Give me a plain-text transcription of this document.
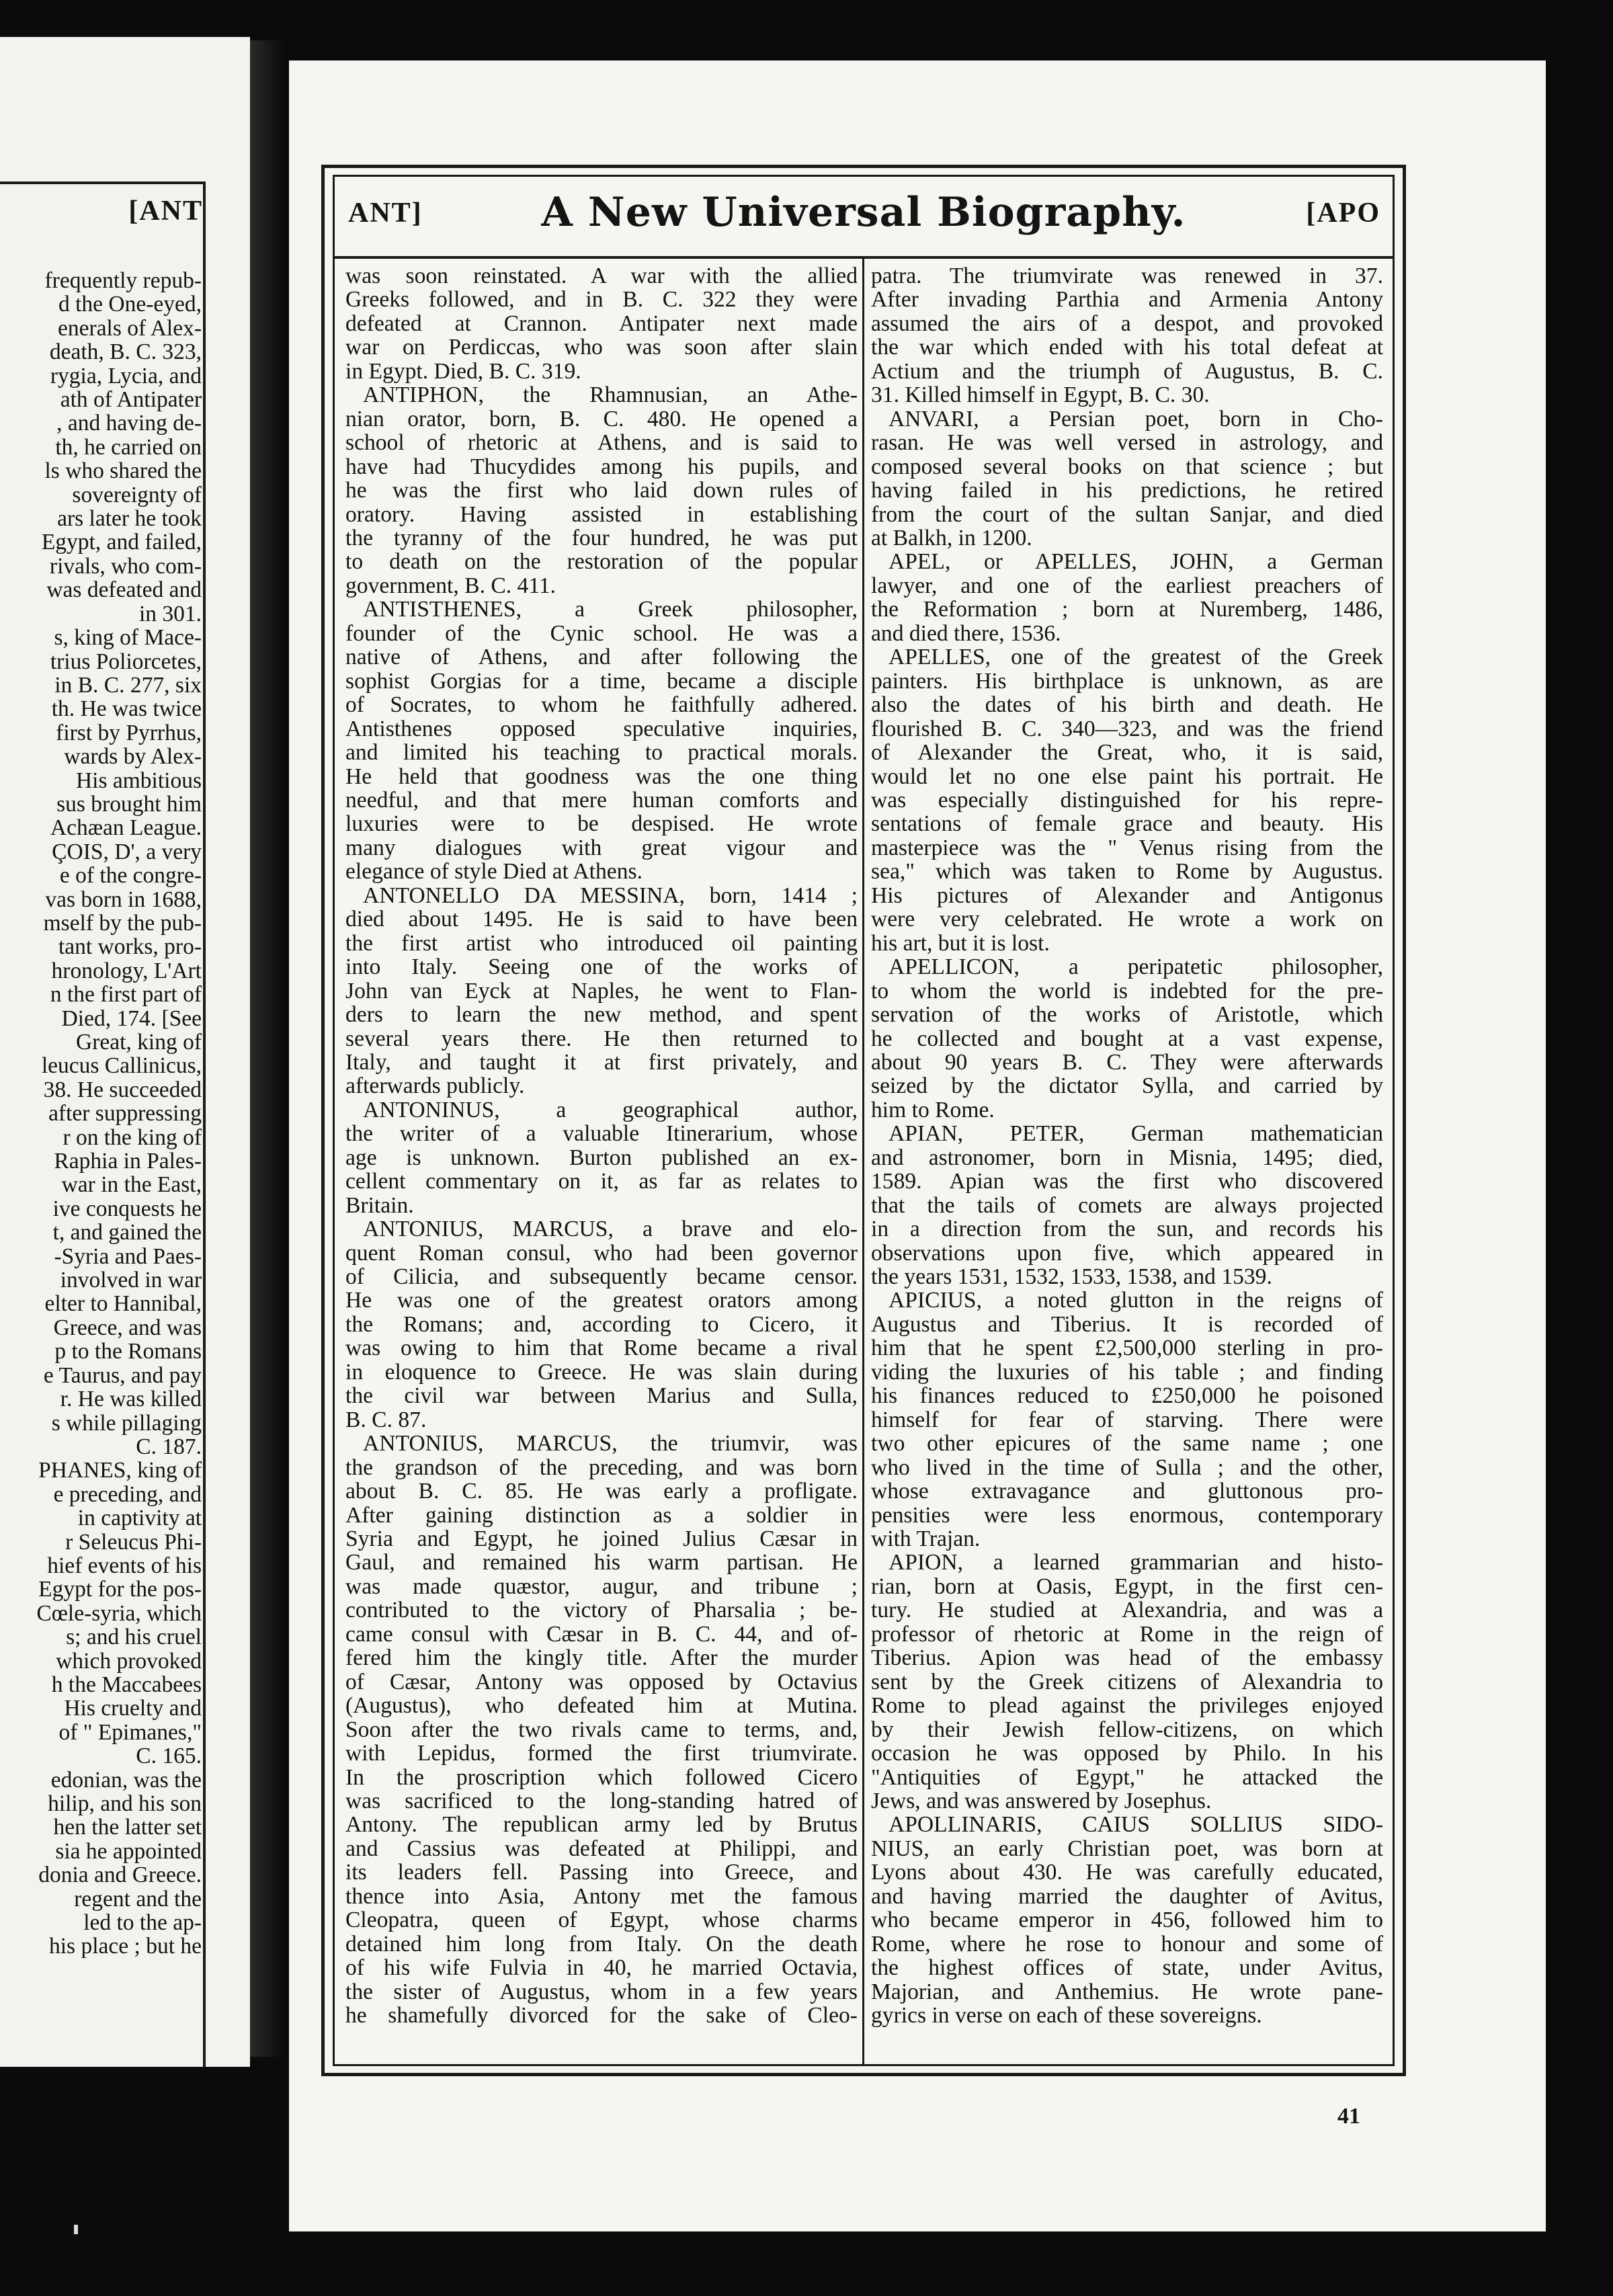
[ANT
frequently repub-
d the One-eyed,
enerals of Alex-
death, B. C. 323,
rygia, Lycia, and
ath of Antipater
, and having de-
th, he carried on
ls who shared the
sovereignty of
ars later he took
Egypt, and failed,
rivals, who com-
was defeated and
in 301.
s, king of Mace-
trius Poliorcetes,
in B. C. 277, six
th. He was twice
first by Pyrrhus,
wards by Alex-
His ambitious
sus brought him
Achæan League.
ÇOIS, D', a very
e of the congre-
vas born in 1688,
mself by the pub-
tant works, pro-
hronology, L'Art
n the first part of
Died, 174. [See
Great, king of
leucus Callinicus,
38. He succeeded
after suppressing
r on the king of
Raphia in Pales-
war in the East,
ive conquests he
t, and gained the
-Syria and Paes-
involved in war
elter to Hannibal,
Greece, and was
p to the Romans
e Taurus, and pay
r. He was killed
s while pillaging
C. 187.
PHANES, king of
e preceding, and
in captivity at
r Seleucus Phi-
hief events of his
Egypt for the pos-
Cœle-syria, which
s; and his cruel
which provoked
h the Maccabees
His cruelty and
of " Epimanes,"
C. 165.
edonian, was the
hilip, and his son
hen the latter set
sia he appointed
donia and Greece.
regent and the
led to the ap-
his place ; but he
ANT]	A New Universal Biography.	[APO
was soon reinstated. A war with the allied
Greeks followed, and in B. C. 322 they were
defeated at Crannon. Antipater next made
war on Perdiccas, who was soon after slain
in Egypt. Died, B. C. 319.
ANTIPHON, the Rhamnusian, an Athe-
nian orator, born, B. C. 480. He opened a
school of rhetoric at Athens, and is said to
have had Thucydides among his pupils, and
he was the first who laid down rules of
oratory. Having assisted in establishing
the tyranny of the four hundred, he was put
to death on the restoration of the popular
government, B. C. 411.
ANTISTHENES, a Greek philosopher,
founder of the Cynic school. He was a
native of Athens, and after following the
sophist Gorgias for a time, became a disciple
of Socrates, to whom he faithfully adhered.
Antisthenes opposed speculative inquiries,
and limited his teaching to practical morals.
He held that goodness was the one thing
needful, and that mere human comforts and
luxuries were to be despised. He wrote
many dialogues with great vigour and
elegance of style Died at Athens.
ANTONELLO DA MESSINA, born, 1414 ;
died about 1495. He is said to have been
the first artist who introduced oil painting
into Italy. Seeing one of the works of
John van Eyck at Naples, he went to Flan-
ders to learn the new method, and spent
several years there. He then returned to
Italy, and taught it at first privately, and
afterwards publicly.
ANTONINUS, a geographical author,
the writer of a valuable Itinerarium, whose
age is unknown. Burton published an ex-
cellent commentary on it, as far as relates to
Britain.
ANTONIUS, MARCUS, a brave and elo-
quent Roman consul, who had been governor
of Cilicia, and subsequently became censor.
He was one of the greatest orators among
the Romans; and, according to Cicero, it
was owing to him that Rome became a rival
in eloquence to Greece. He was slain during
the civil war between Marius and Sulla,
B. C. 87.
ANTONIUS, MARCUS, the triumvir, was
the grandson of the preceding, and was born
about B. C. 85. He was early a profligate.
After gaining distinction as a soldier in
Syria and Egypt, he joined Julius Cæsar in
Gaul, and remained his warm partisan. He
was made quæstor, augur, and tribune ;
contributed to the victory of Pharsalia ; be-
came consul with Cæsar in B. C. 44, and of-
fered him the kingly title. After the murder
of Cæsar, Antony was opposed by Octavius
(Augustus), who defeated him at Mutina.
Soon after the two rivals came to terms, and,
with Lepidus, formed the first triumvirate.
In the proscription which followed Cicero
was sacrificed to the long-standing hatred of
Antony. The republican army led by Brutus
and Cassius was defeated at Philippi, and
its leaders fell. Passing into Greece, and
thence into Asia, Antony met the famous
Cleopatra, queen of Egypt, whose charms
detained him long from Italy. On the death
of his wife Fulvia in 40, he married Octavia,
the sister of Augustus, whom in a few years
he shamefully divorced for the sake of Cleo-
patra. The triumvirate was renewed in 37.
After invading Parthia and Armenia Antony
assumed the airs of a despot, and provoked
the war which ended with his total defeat at
Actium and the triumph of Augustus, B. C.
31. Killed himself in Egypt, B. C. 30.
ANVARI, a Persian poet, born in Cho-
rasan. He was well versed in astrology, and
composed several books on that science ; but
having failed in his predictions, he retired
from the court of the sultan Sanjar, and died
at Balkh, in 1200.
APEL, or APELLES, JOHN, a German
lawyer, and one of the earliest preachers of
the Reformation ; born at Nuremberg, 1486,
and died there, 1536.
APELLES, one of the greatest of the Greek
painters. His birthplace is unknown, as are
also the dates of his birth and death. He
flourished B. C. 340—323, and was the friend
of Alexander the Great, who, it is said,
would let no one else paint his portrait. He
was especially distinguished for his repre-
sentations of female grace and beauty. His
masterpiece was the " Venus rising from the
sea," which was taken to Rome by Augustus.
His pictures of Alexander and Antigonus
were very celebrated. He wrote a work on
his art, but it is lost.
APELLICON, a peripatetic philosopher,
to whom the world is indebted for the pre-
servation of the works of Aristotle, which
he collected and bought at a vast expense,
about 90 years B. C. They were afterwards
seized by the dictator Sylla, and carried by
him to Rome.
APIAN, PETER, German mathematician
and astronomer, born in Misnia, 1495; died,
1589. Apian was the first who discovered
that the tails of comets are always projected
in a direction from the sun, and records his
observations upon five, which appeared in
the years 1531, 1532, 1533, 1538, and 1539.
APICIUS, a noted glutton in the reigns of
Augustus and Tiberius. It is recorded of
him that he spent £2,500,000 sterling in pro-
viding the luxuries of his table ; and finding
his finances reduced to £250,000 he poisoned
himself for fear of starving. There were
two other epicures of the same name ; one
who lived in the time of Sulla ; and the other,
whose extravagance and gluttonous pro-
pensities were less enormous, contemporary
with Trajan.
APION, a learned grammarian and histo-
rian, born at Oasis, Egypt, in the first cen-
tury. He studied at Alexandria, and was a
professor of rhetoric at Rome in the reign of
Tiberius. Apion was head of the embassy
sent by the Greek citizens of Alexandria to
Rome to plead against the privileges enjoyed
by their Jewish fellow-citizens, on which
occasion he was opposed by Philo. In his
"Antiquities of Egypt," he attacked the
Jews, and was answered by Josephus.
APOLLINARIS, CAIUS SOLLIUS SIDO-
NIUS, an early Christian poet, was born at
Lyons about 430. He was carefully educated,
and having married the daughter of Avitus,
who became emperor in 456, followed him to
Rome, where he rose to honour and some of
the highest offices of state, under Avitus,
Majorian, and Anthemius. He wrote pane-
gyrics in verse on each of these sovereigns.
41
